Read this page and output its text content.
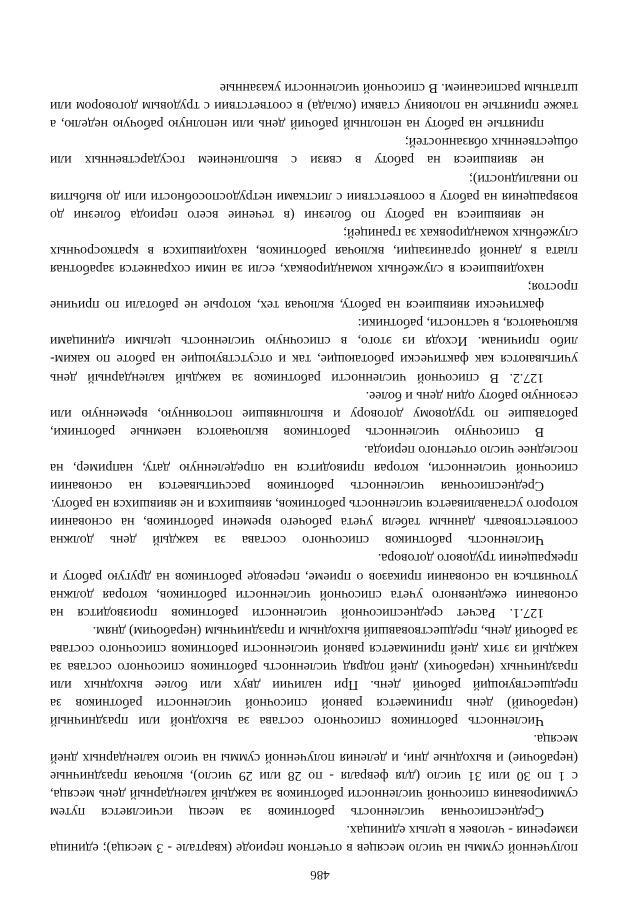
486

полученной суммы на число месяцев в отчетном периоде (квартале - 3 месяца); единица измерения - человек в целых единицах.

Среднесписочная численность работников за месяц исчисляется путем суммирования списочной численности работников за каждый календарный день месяца, с 1 по 30 или 31 число (для февраля - по 28 или 29 число), включая праздничные (нерабочие) и выходные дни, и деления полученной суммы на число календарных дней месяца.

Численность работников списочного состава за выходной или праздничный (нерабочий) день принимается равной списочной численности работников за предшествующий рабочий день. При наличии двух или более выходных или праздничных (нерабочих) дней подряд численность работников списочного состава за каждый из этих дней принимается равной численности работников списочного состава за рабочий день, предшествовавший выходным и праздничным (нерабочим) дням.

127.1. Расчет среднесписочной численности работников производится на основании ежедневного учета списочной численности работников, которая должна уточняться на основании приказов о приеме, переводе работников на другую работу и прекращении трудового договора.

Численность работников списочного состава за каждый день должна соответствовать данным табеля учета рабочего времени работников, на основании которого устанавливается численность работников, явившихся и не явившихся на работу.

Среднесписочная численность работников рассчитывается на основании списочной численности, которая приводится на определенную дату, например, на последнее число отчетного периода.

В списочную численность работников включаются наемные работники, работавшие по трудовому договору и выполнявшие постоянную, временную или сезонную работу один день и более.

127.2. В списочной численности работников за каждый календарный день учитываются как фактически работающие, так и отсутствующие на работе по каким-либо причинам. Исходя из этого, в списочную численность целыми единицами включаются, в частности, работники:

фактически явившиеся на работу, включая тех, которые не работали по причине простоя;

находившиеся в служебных командировках, если за ними сохраняется заработная плата в данной организации, включая работников, находившихся в краткосрочных служебных командировках за границей;

не явившиеся на работу по болезни (в течение всего периода болезни до возвращения на работу в соответствии с листками нетрудоспособности или до выбытия по инвалидности);

не явившиеся на работу в связи с выполнением государственных или общественных обязанностей;

принятые на работу на неполный рабочий день или неполную рабочую неделю, а также принятые на половину ставки (оклада) в соответствии с трудовым договором или штатным расписанием. В списочной численности указанные
